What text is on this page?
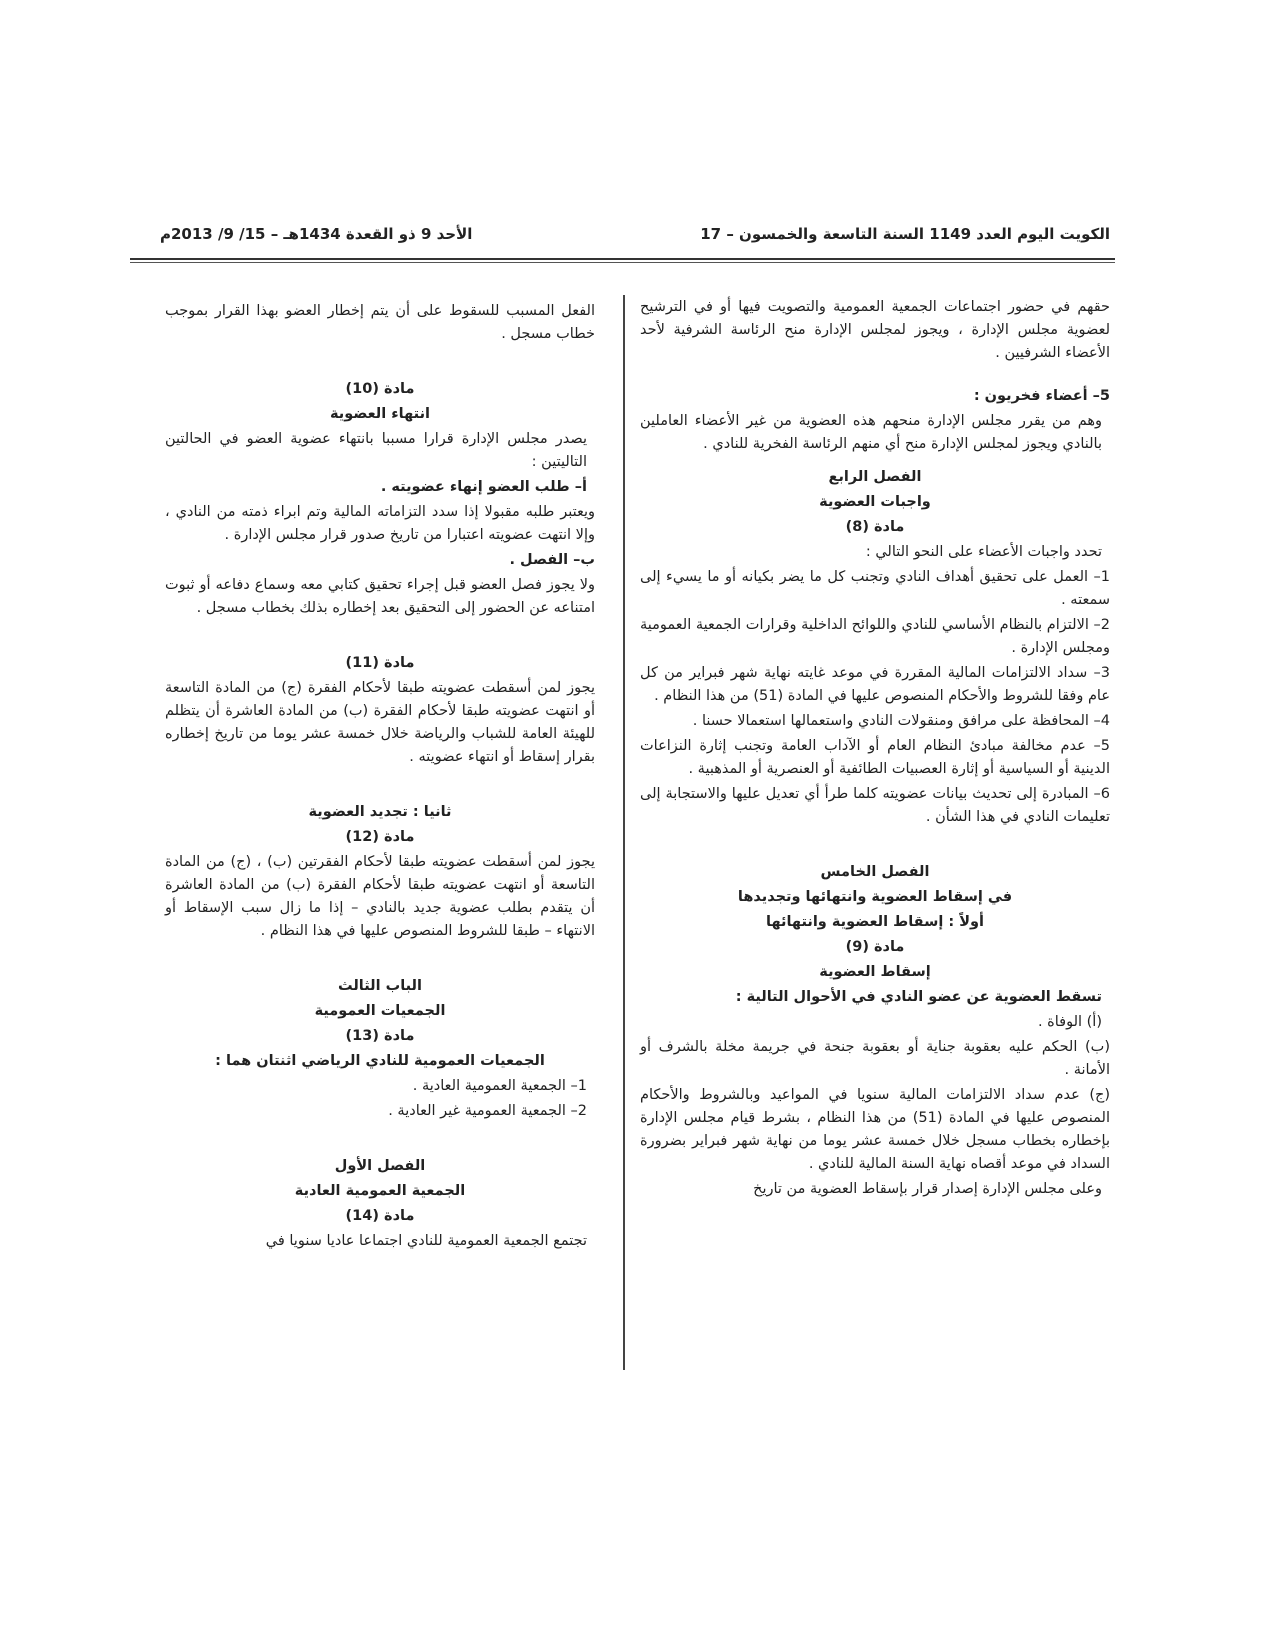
الكويت اليوم العدد 1149 السنة التاسعة والخمسون – 17
الأحد 9 ذو القعدة 1434هـ – 15/ 9/ 2013م

حقهم في حضور اجتماعات الجمعية العمومية والتصويت فيها أو في الترشيح لعضوية مجلس الإدارة ، ويجوز لمجلس الإدارة منح الرئاسة الشرفية لأحد الأعضاء الشرفيين .

5– أعضاء فخريون :

وهم من يقرر مجلس الإدارة منحهم هذه العضوية من غير الأعضاء العاملين بالنادي ويجوز لمجلس الإدارة منح أي منهم الرئاسة الفخرية للنادي .

الفصل الرابع

واجبات العضوية

مادة (8)

تحدد واجبات الأعضاء على النحو التالي :

1– العمل على تحقيق أهداف النادي وتجنب كل ما يضر بكيانه أو ما يسيء إلى سمعته .

2– الالتزام بالنظام الأساسي للنادي واللوائح الداخلية وقرارات الجمعية العمومية ومجلس الإدارة .

3– سداد الالتزامات المالية المقررة في موعد غايته نهاية شهر فبراير من كل عام وفقا للشروط والأحكام المنصوص عليها في المادة (51) من هذا النظام .

4– المحافظة على مرافق ومنقولات النادي واستعمالها استعمالا حسنا .

5– عدم مخالفة مبادئ النظام العام أو الآداب العامة وتجنب إثارة النزاعات الدينية أو السياسية أو إثارة العصبيات الطائفية أو العنصرية أو المذهبية .

6– المبادرة إلى تحديث بيانات عضويته كلما طرأ أي تعديل عليها والاستجابة إلى تعليمات النادي في هذا الشأن .

الفصل الخامس

في إسقاط العضوية وانتهائها وتجديدها

أولاً : إسقاط العضوية وانتهائها

مادة (9)

إسقاط العضوية

تسقط العضوية عن عضو النادي في الأحوال التالية :

(أ) الوفاة .

(ب) الحكم عليه بعقوبة جناية أو بعقوبة جنحة في جريمة مخلة بالشرف أو الأمانة .

(ج) عدم سداد الالتزامات المالية سنويا في المواعيد وبالشروط والأحكام المنصوص عليها في المادة (51) من هذا النظام ، بشرط قيام مجلس الإدارة بإخطاره بخطاب مسجل خلال خمسة عشر يوما من نهاية شهر فبراير بضرورة السداد في موعد أقصاه نهاية السنة المالية للنادي .

وعلى مجلس الإدارة إصدار قرار بإسقاط العضوية من تاريخ

الفعل المسبب للسقوط على أن يتم إخطار العضو بهذا القرار بموجب خطاب مسجل .

مادة (10)

انتهاء العضوية

يصدر مجلس الإدارة قرارا مسببا بانتهاء عضوية العضو في الحالتين التاليتين :

أ– طلب العضو إنهاء عضويته .

ويعتبر طلبه مقبولا إذا سدد التزاماته المالية وتم ابراء ذمته من النادي ، وإلا انتهت عضويته اعتبارا من تاريخ صدور قرار مجلس الإدارة .

ب– الفصل .

ولا يجوز فصل العضو قبل إجراء تحقيق كتابي معه وسماع دفاعه أو ثبوت امتناعه عن الحضور إلى التحقيق بعد إخطاره بذلك بخطاب مسجل .

مادة (11)

يجوز لمن أسقطت عضويته طبقا لأحكام الفقرة (ج) من المادة التاسعة أو انتهت عضويته طبقا لأحكام الفقرة (ب) من المادة العاشرة أن يتظلم للهيئة العامة للشباب والرياضة خلال خمسة عشر يوما من تاريخ إخطاره بقرار إسقاط أو انتهاء عضويته .

ثانيا : تجديد العضوية

مادة (12)

يجوز لمن أسقطت عضويته طبقا لأحكام الفقرتين (ب) ، (ج) من المادة التاسعة أو انتهت عضويته طبقا لأحكام الفقرة (ب) من المادة العاشرة أن يتقدم بطلب عضوية جديد بالنادي – إذا ما زال سبب الإسقاط أو الانتهاء – طبقا للشروط المنصوص عليها في هذا النظام .

الباب الثالث

الجمعيات العمومية

مادة (13)

الجمعيات العمومية للنادي الرياضي اثنتان هما :

1– الجمعية العمومية العادية .

2– الجمعية العمومية غير العادية .

الفصل الأول

الجمعية العمومية العادية

مادة (14)

تجتمع الجمعية العمومية للنادي اجتماعا عاديا سنويا في
